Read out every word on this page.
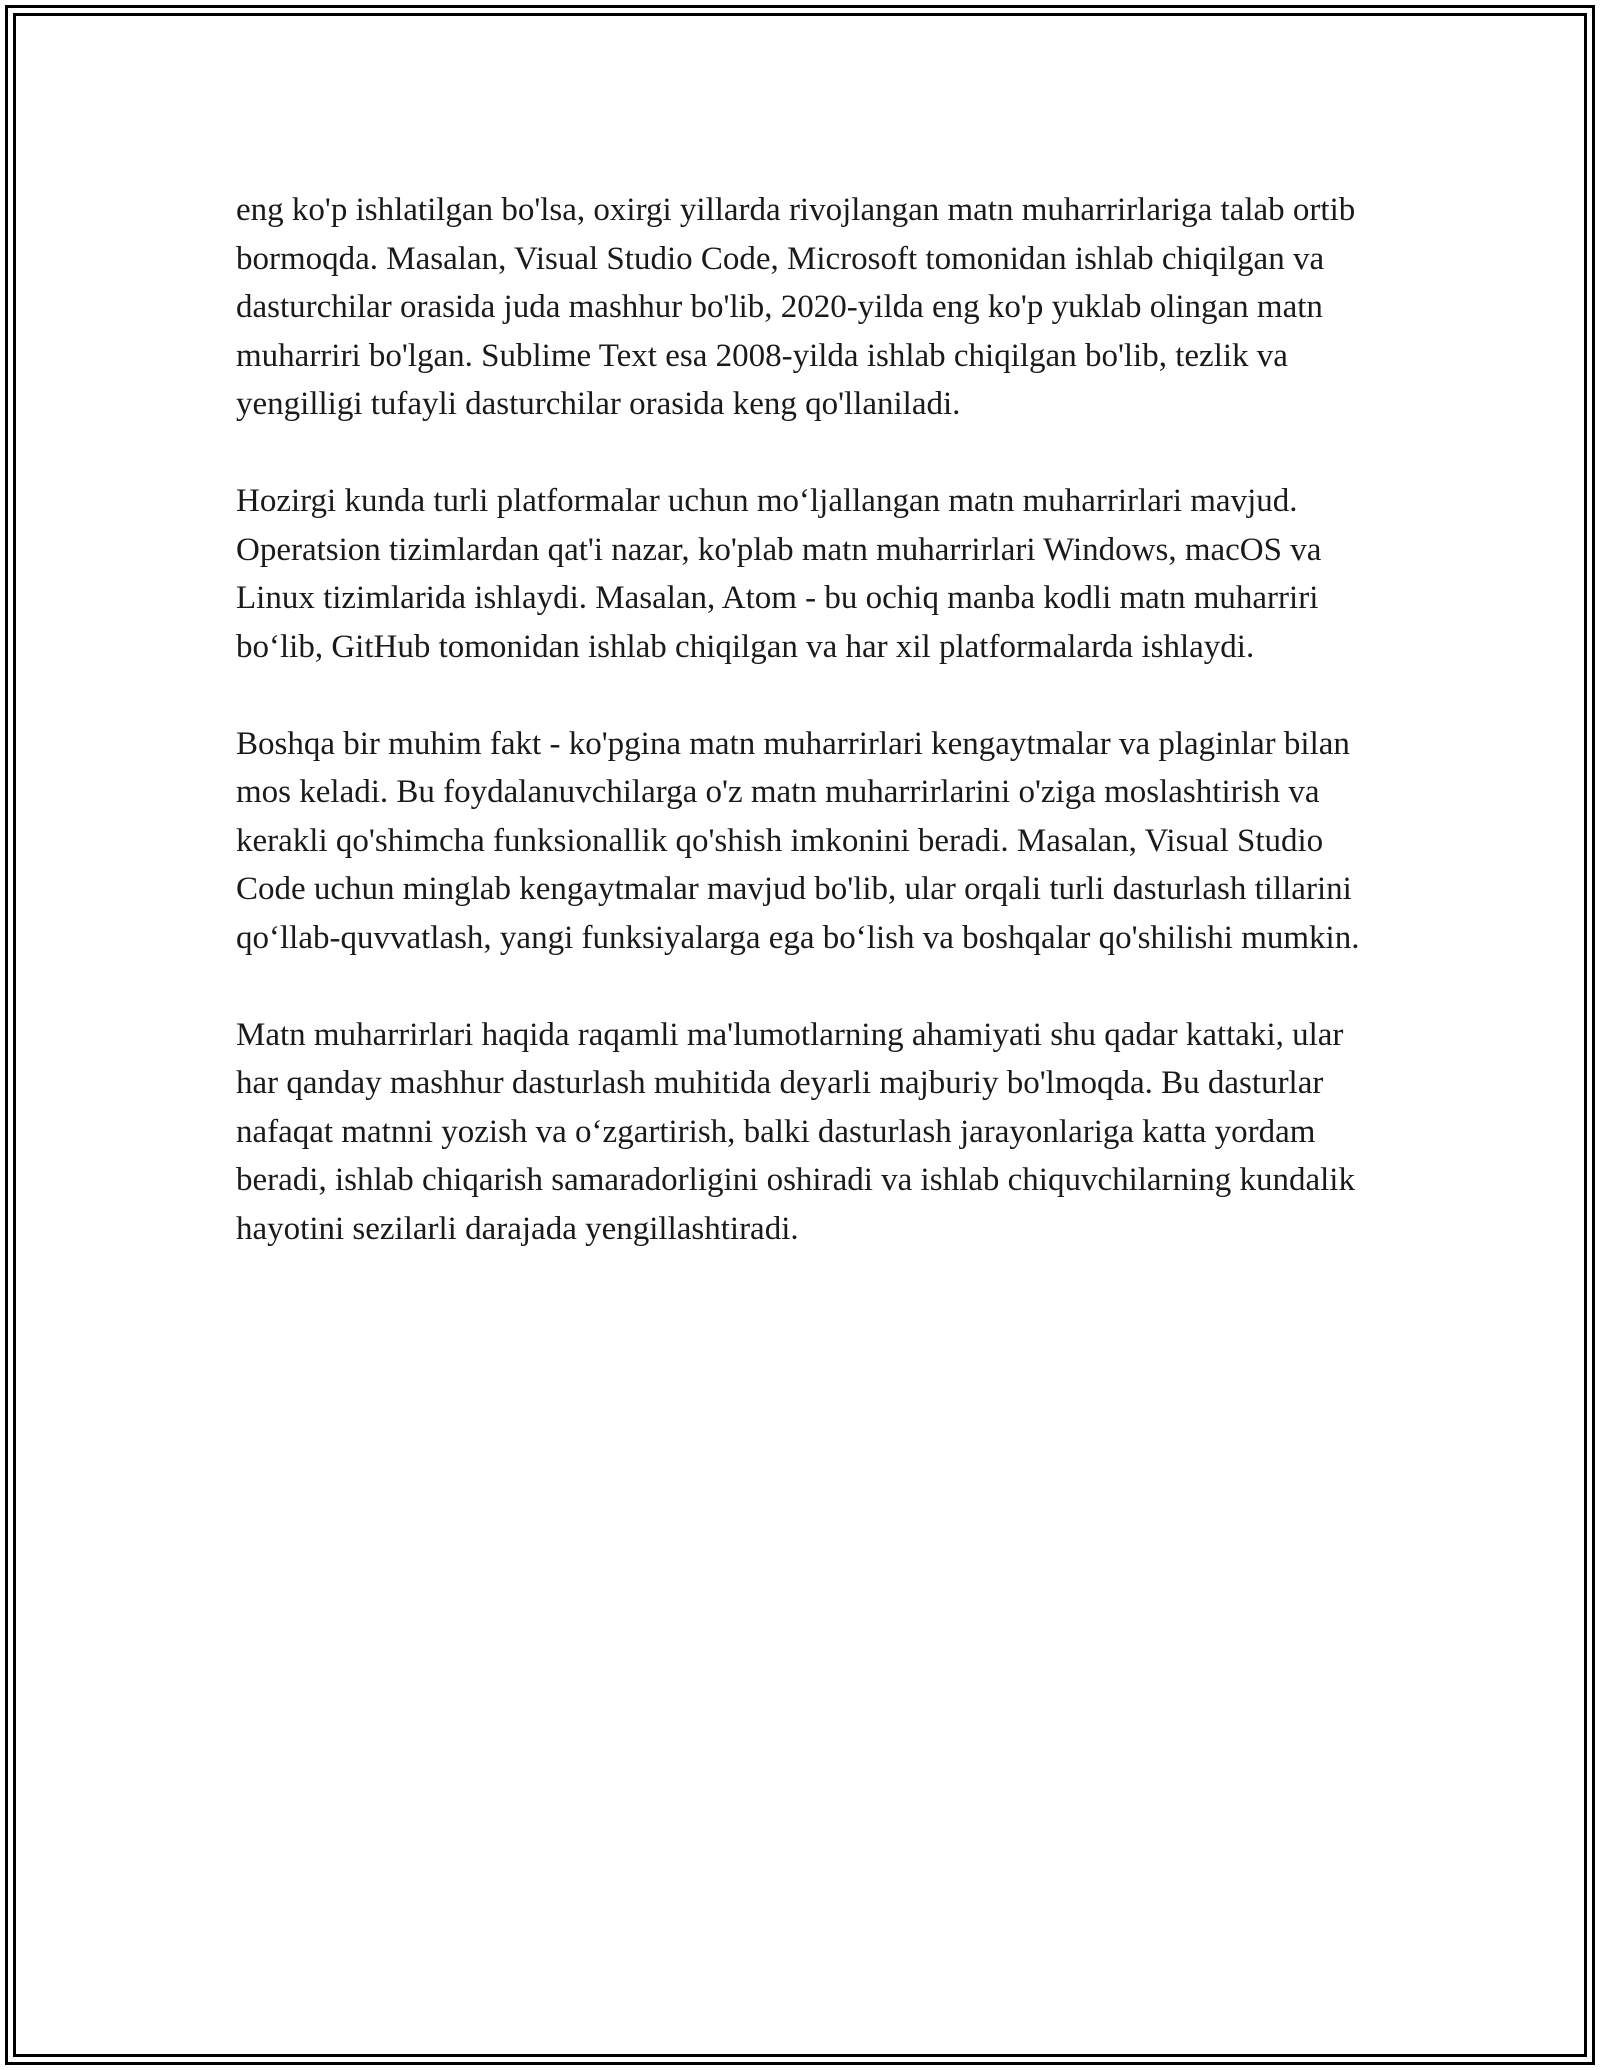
eng ko'p ishlatilgan bo'lsa, oxirgi yillarda rivojlangan matn muharrirlariga talab ortib bormoqda. Masalan, Visual Studio Code, Microsoft tomonidan ishlab chiqilgan va dasturchilar orasida juda mashhur bo'lib, 2020-yilda eng ko'p yuklab olingan matn muharriri bo'lgan. Sublime Text esa 2008-yilda ishlab chiqilgan bo'lib, tezlik va yengilligi tufayli dasturchilar orasida keng qo'llaniladi.

Hozirgi kunda turli platformalar uchun mo‘ljallangan matn muharrirlari mavjud. Operatsion tizimlardan qat'i nazar, ko'plab matn muharrirlari Windows, macOS va Linux tizimlarida ishlaydi. Masalan, Atom - bu ochiq manba kodli matn muharriri bo‘lib, GitHub tomonidan ishlab chiqilgan va har xil platformalarda ishlaydi.

Boshqa bir muhim fakt - ko'pgina matn muharrirlari kengaytmalar va plaginlar bilan mos keladi. Bu foydalanuvchilarga o'z matn muharrirlarini o'ziga moslashtirish va kerakli qo'shimcha funksionallik qo'shish imkonini beradi. Masalan, Visual Studio Code uchun minglab kengaytmalar mavjud bo'lib, ular orqali turli dasturlash tillarini qo‘llab-quvvatlash, yangi funksiyalarga ega bo‘lish va boshqalar qo'shilishi mumkin.

Matn muharrirlari haqida raqamli ma'lumotlarning ahamiyati shu qadar kattaki, ular har qanday mashhur dasturlash muhitida deyarli majburiy bo'lmoqda. Bu dasturlar nafaqat matnni yozish va o‘zgartirish, balki dasturlash jarayonlariga katta yordam beradi, ishlab chiqarish samaradorligini oshiradi va ishlab chiquvchilarning kundalik hayotini sezilarli darajada yengillashtiradi.
